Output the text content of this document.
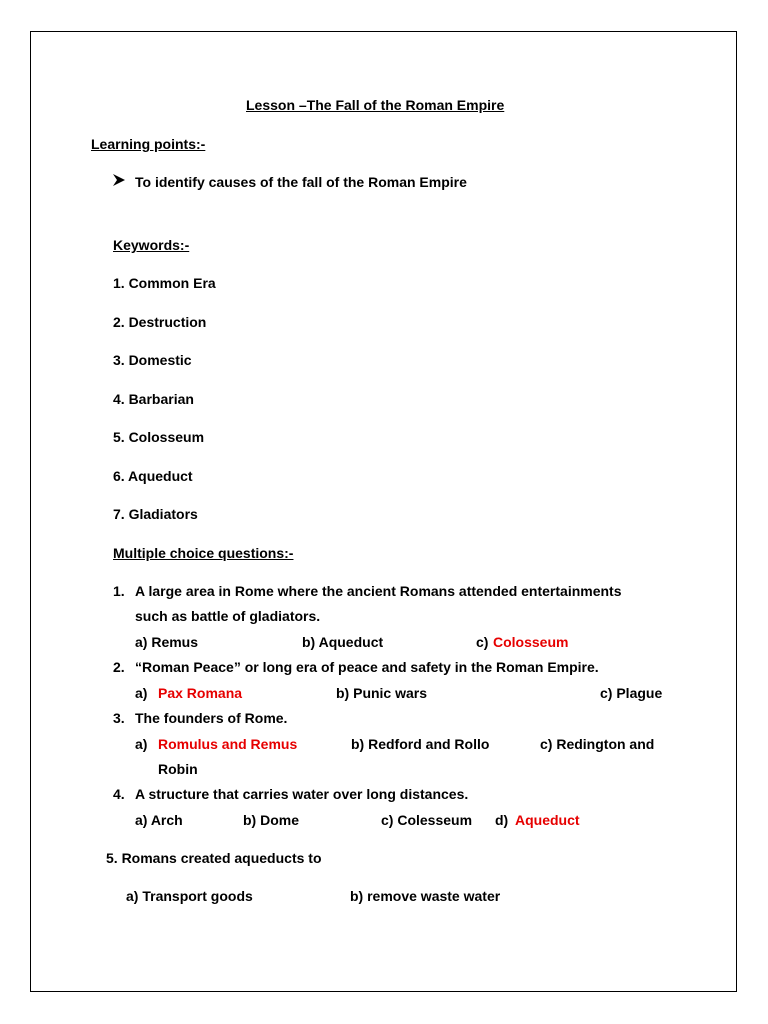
Lesson –The Fall of the Roman Empire
Learning points:-
To identify causes of the fall of the Roman Empire
Keywords:-
1. Common Era
2. Destruction
3. Domestic
4. Barbarian
5. Colosseum
6. Aqueduct
7. Gladiators
Multiple choice questions:-
1. A large area in Rome where the ancient Romans attended entertainments
such as battle of gladiators.
a) Remus	b) Aqueduct	c) Colosseum
2. “Roman Peace” or long era of peace and safety in the Roman Empire.
a) Pax Romana	b) Punic wars	c) Plague
3. The founders of Rome.
a) Romulus and Remus	b) Redford and Rollo	c) Redington and
Robin
4. A structure that carries water over long distances.
a) Arch	b) Dome	c) Colesseum d) Aqueduct
5. Romans created aqueducts to
a) Transport goods	b) remove waste water
